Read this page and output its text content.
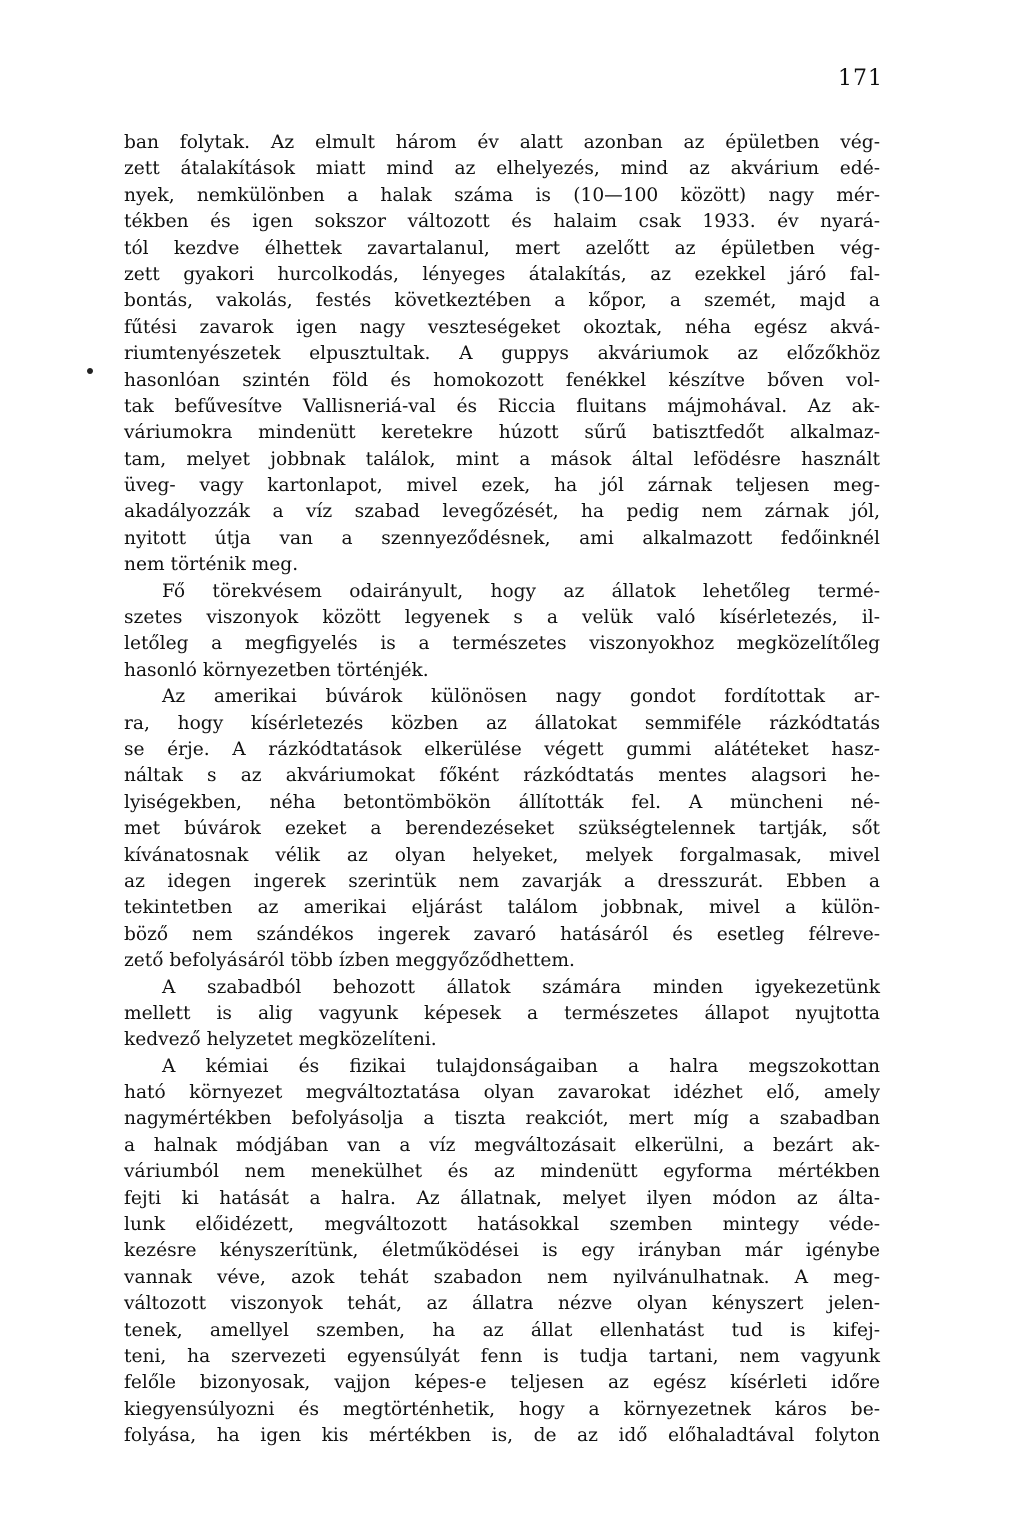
171
ban folytak. Az elmult három év alatt azonban az épületben vég-
zett átalakítások miatt mind az elhelyezés, mind az akvárium edé-
nyek, nemkülönben a halak száma is (10—100 között) nagy mér-
tékben és igen sokszor változott és halaim csak 1933. év nyará-
tól kezdve élhettek zavartalanul, mert azelőtt az épületben vég-
zett gyakori hurcolkodás, lényeges átalakítás, az ezekkel járó fal-
bontás, vakolás, festés következtében a kőpor, a szemét, majd a
fűtési zavarok igen nagy veszteségeket okoztak, néha egész akvá-
riumtenyészetek elpusztultak. A guppys akváriumok az előzőkhöz
hasonlóan szintén föld és homokozott fenékkel készítve bőven vol-
tak befűvesítve Vallisneriá-val és Riccia fluitans májmohával. Az ak-
váriumokra mindenütt keretekre húzott sűrű batisztfedőt alkalmaz-
tam, melyet jobbnak találok, mint a mások által lefödésre használt
üveg- vagy kartonlapot, mivel ezek, ha jól zárnak teljesen meg-
akadályozzák a víz szabad levegőzését, ha pedig nem zárnak jól,
nyitott útja van a szennyeződésnek, ami alkalmazott fedőinknél
nem történik meg.
Fő törekvésem odairányult, hogy az állatok lehetőleg termé-
szetes viszonyok között legyenek s a velük való kísérletezés, il-
letőleg a megfigyelés is a természetes viszonyokhoz megközelítőleg
hasonló környezetben történjék.
Az amerikai búvárok különösen nagy gondot fordítottak ar-
ra, hogy kísérletezés közben az állatokat semmiféle rázkódtatás
se érje. A rázkódtatások elkerülése végett gummi alátéteket hasz-
náltak s az akváriumokat főként rázkódtatás mentes alagsori he-
lyiségekben, néha betontömbökön állították fel. A müncheni né-
met búvárok ezeket a berendezéseket szükségtelennek tartják, sőt
kívánatosnak vélik az olyan helyeket, melyek forgalmasak, mivel
az idegen ingerek szerintük nem zavarják a dresszurát. Ebben a
tekintetben az amerikai eljárást találom jobbnak, mivel a külön-
böző nem szándékos ingerek zavaró hatásáról és esetleg félreve-
zető befolyásáról több ízben meggyőződhettem.
A szabadból behozott állatok számára minden igyekezetünk
mellett is alig vagyunk képesek a természetes állapot nyujtotta
kedvező helyzetet megközelíteni.
A kémiai és fizikai tulajdonságaiban a halra megszokottan
ható környezet megváltoztatása olyan zavarokat idézhet elő, amely
nagymértékben befolyásolja a tiszta reakciót, mert míg a szabadban
a halnak módjában van a víz megváltozásait elkerülni, a bezárt ak-
váriumból nem menekülhet és az mindenütt egyforma mértékben
fejti ki hatását a halra. Az állatnak, melyet ilyen módon az álta-
lunk előidézett, megváltozott hatásokkal szemben mintegy véde-
kezésre kényszerítünk, életműködései is egy irányban már igénybe
vannak véve, azok tehát szabadon nem nyilvánulhatnak. A meg-
változott viszonyok tehát, az állatra nézve olyan kényszert jelen-
tenek, amellyel szemben, ha az állat ellenhatást tud is kifej-
teni, ha szervezeti egyensúlyát fenn is tudja tartani, nem vagyunk
felőle bizonyosak, vajjon képes-e teljesen az egész kísérleti időre
kiegyensúlyozni és megtörténhetik, hogy a környezetnek káros be-
folyása, ha igen kis mértékben is, de az idő előhaladtával folyton
